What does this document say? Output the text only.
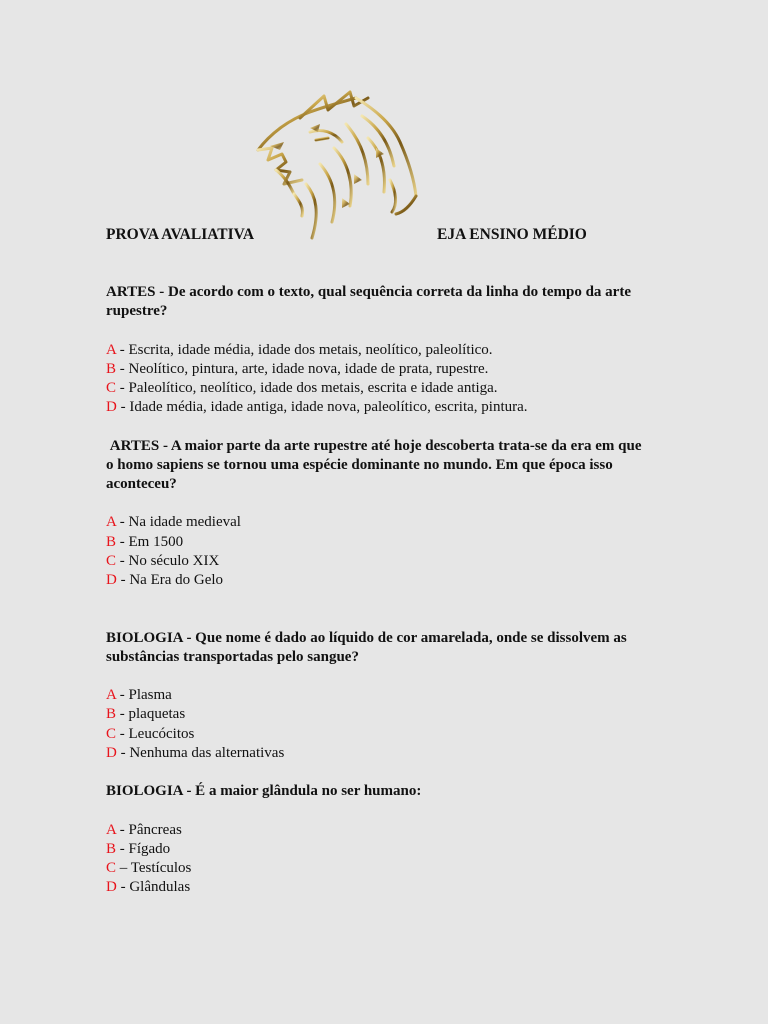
PROVA AVALIATIVA	EJA ENSINO MÉDIO

ARTES - De acordo com o texto, qual sequência correta da linha do tempo da arte rupestre?

A - Escrita, idade média, idade dos metais, neolítico, paleolítico.
B - Neolítico, pintura, arte, idade nova, idade de prata, rupestre.
C - Paleolítico, neolítico, idade dos metais, escrita e idade antiga.
D - Idade média, idade antiga, idade nova, paleolítico, escrita, pintura.

ARTES - A maior parte da arte rupestre até hoje descoberta trata-se da era em que o homo sapiens se tornou uma espécie dominante no mundo. Em que época isso aconteceu?

A - Na idade medieval
B - Em 1500
C - No século XIX
D - Na Era do Gelo

BIOLOGIA - Que nome é dado ao líquido de cor amarelada, onde se dissolvem as substâncias transportadas pelo sangue?

A - Plasma
B - plaquetas
C - Leucócitos
D - Nenhuma das alternativas

BIOLOGIA - É a maior glândula no ser humano:

A - Pâncreas
B - Fígado
C – Testículos
D - Glândulas
